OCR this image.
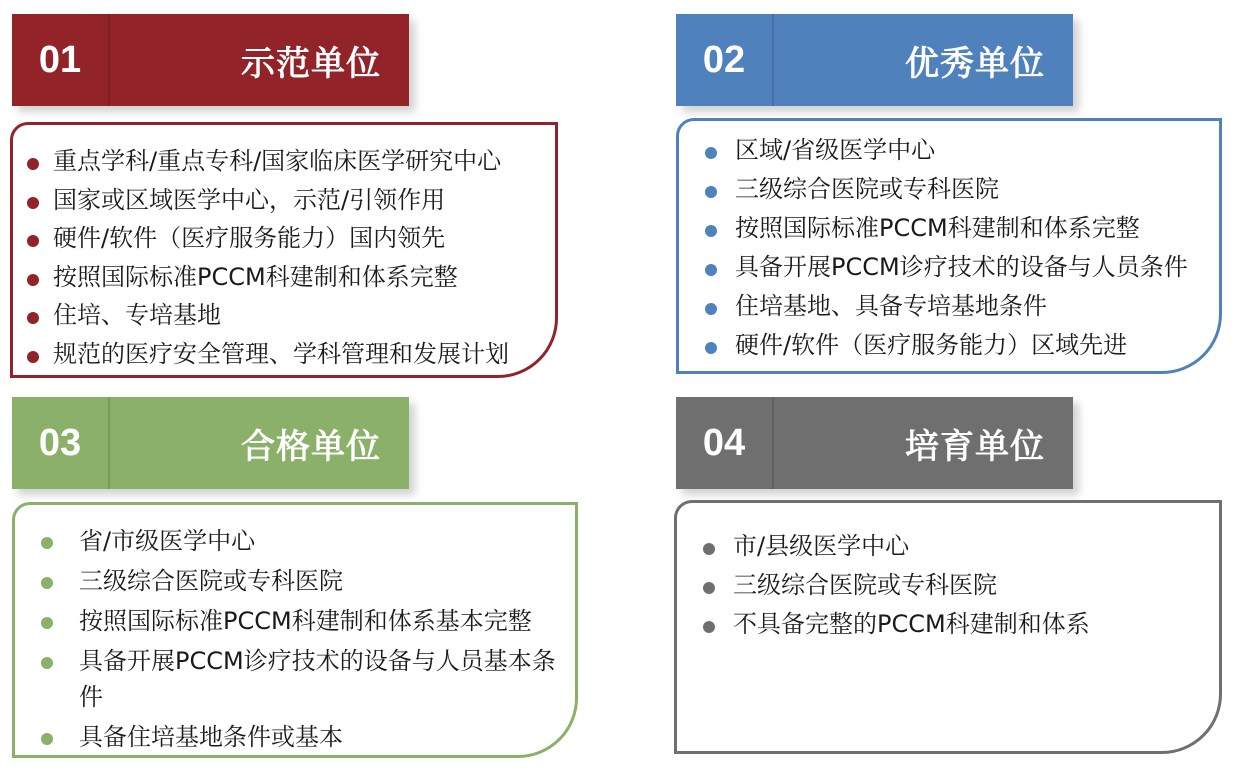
01	示范单位
重点学科/重点专科/国家临床医学研究中心
国家或区域医学中心，示范/引领作用
硬件/软件（医疗服务能力）国内领先
按照国际标准PCCM科建制和体系完整
住培、专培基地
规范的医疗安全管理、学科管理和发展计划
02	优秀单位
区域/省级医学中心
三级综合医院或专科医院
按照国际标准PCCM科建制和体系完整
具备开展PCCM诊疗技术的设备与人员条件
住培基地、具备专培基地条件
硬件/软件（医疗服务能力）区域先进
03	合格单位
省/市级医学中心
三级综合医院或专科医院
按照国际标准PCCM科建制和体系基本完整
具备开展PCCM诊疗技术的设备与人员基本条件
具备住培基地条件或基本
04	培育单位
市/县级医学中心
三级综合医院或专科医院
不具备完整的PCCM科建制和体系
